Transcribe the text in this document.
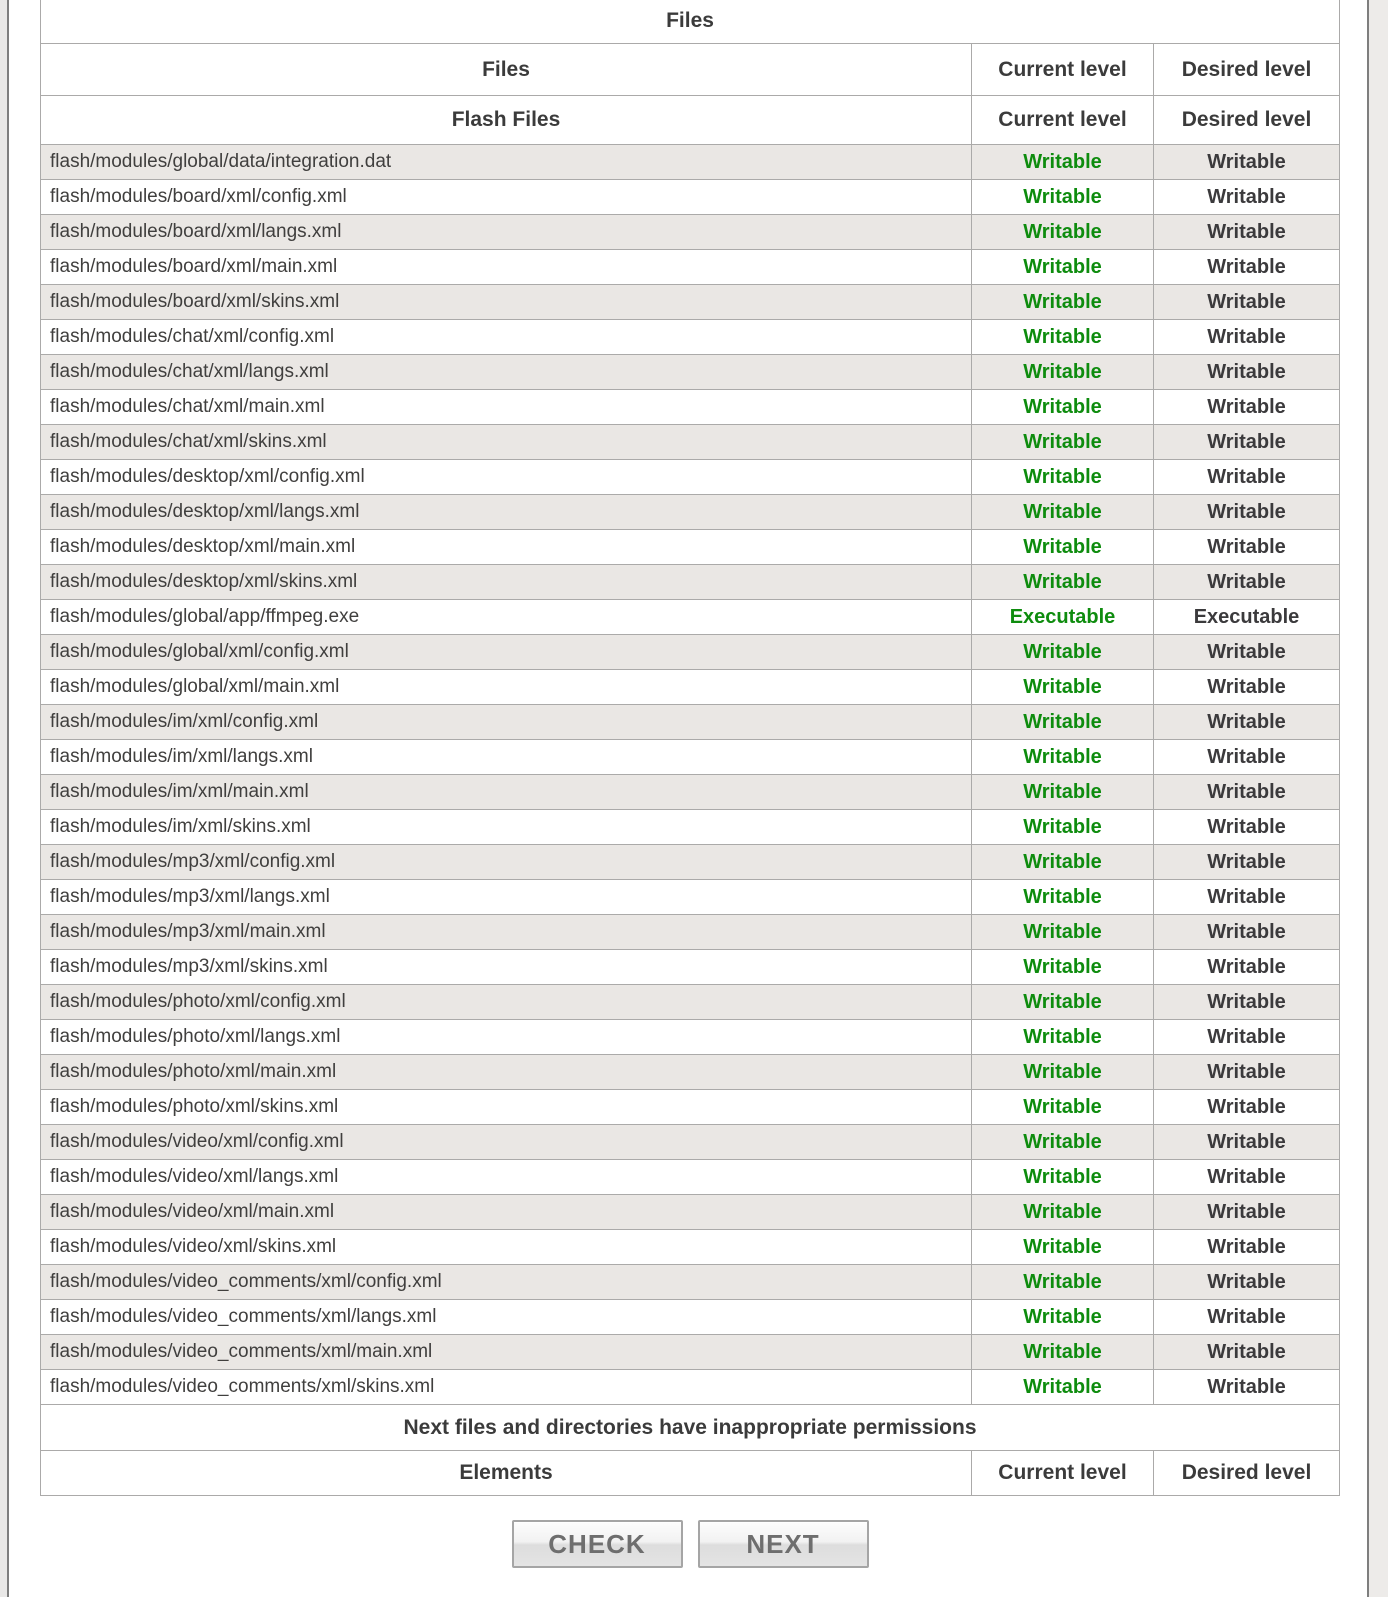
Files		
Files	Current level	Desired level
Flash Files	Current level	Desired level
flash/modules/global/data/integration.dat	Writable	Writable
flash/modules/board/xml/config.xml	Writable	Writable
flash/modules/board/xml/langs.xml	Writable	Writable
flash/modules/board/xml/main.xml	Writable	Writable
flash/modules/board/xml/skins.xml	Writable	Writable
flash/modules/chat/xml/config.xml	Writable	Writable
flash/modules/chat/xml/langs.xml	Writable	Writable
flash/modules/chat/xml/main.xml	Writable	Writable
flash/modules/chat/xml/skins.xml	Writable	Writable
flash/modules/desktop/xml/config.xml	Writable	Writable
flash/modules/desktop/xml/langs.xml	Writable	Writable
flash/modules/desktop/xml/main.xml	Writable	Writable
flash/modules/desktop/xml/skins.xml	Writable	Writable
flash/modules/global/app/ffmpeg.exe	Executable	Executable
flash/modules/global/xml/config.xml	Writable	Writable
flash/modules/global/xml/main.xml	Writable	Writable
flash/modules/im/xml/config.xml	Writable	Writable
flash/modules/im/xml/langs.xml	Writable	Writable
flash/modules/im/xml/main.xml	Writable	Writable
flash/modules/im/xml/skins.xml	Writable	Writable
flash/modules/mp3/xml/config.xml	Writable	Writable
flash/modules/mp3/xml/langs.xml	Writable	Writable
flash/modules/mp3/xml/main.xml	Writable	Writable
flash/modules/mp3/xml/skins.xml	Writable	Writable
flash/modules/photo/xml/config.xml	Writable	Writable
flash/modules/photo/xml/langs.xml	Writable	Writable
flash/modules/photo/xml/main.xml	Writable	Writable
flash/modules/photo/xml/skins.xml	Writable	Writable
flash/modules/video/xml/config.xml	Writable	Writable
flash/modules/video/xml/langs.xml	Writable	Writable
flash/modules/video/xml/main.xml	Writable	Writable
flash/modules/video/xml/skins.xml	Writable	Writable
flash/modules/video_comments/xml/config.xml	Writable	Writable
flash/modules/video_comments/xml/langs.xml	Writable	Writable
flash/modules/video_comments/xml/main.xml	Writable	Writable
flash/modules/video_comments/xml/skins.xml	Writable	Writable
Next files and directories have inappropriate permissions		
Elements	Current level	Desired level
CHECK	NEXT
